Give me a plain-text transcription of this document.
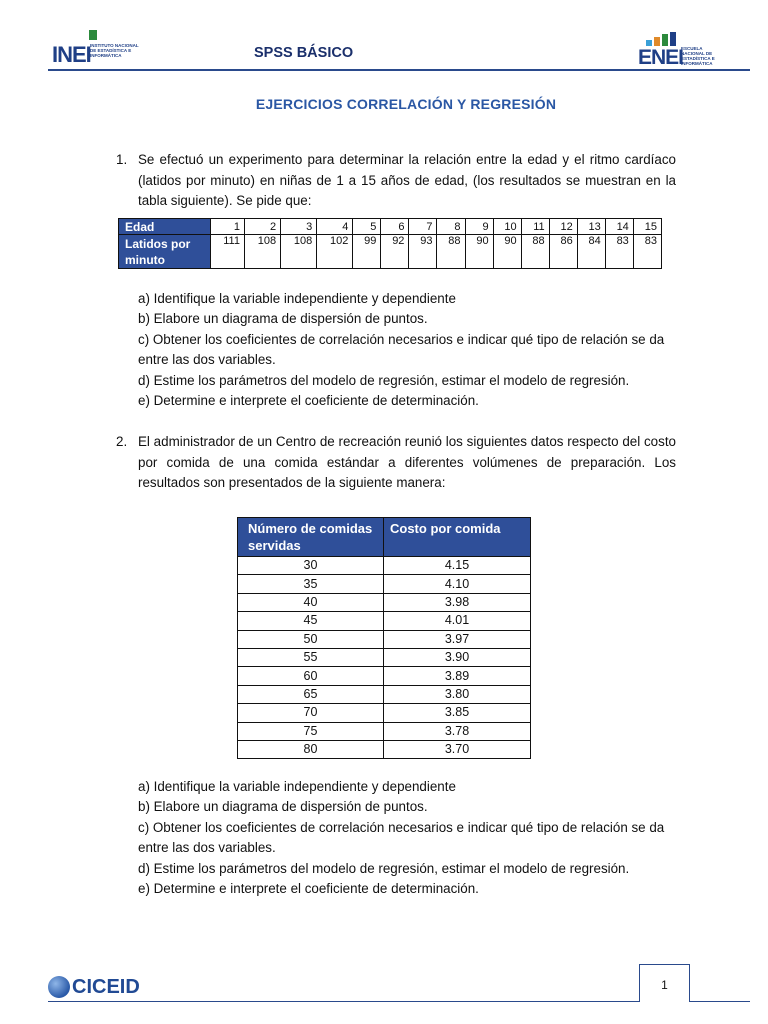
INEI INSTITUTO NACIONAL DE ESTADÍSTICA E INFORMÁTICA	SPSS BÁSICO	ENEI
ESCUELA NACIONAL DE ESTADÍSTICA E INFORMÁTICA
EJERCICIOS CORRELACIÓN Y REGRESIÓN
1. Se efectuó un experimento para determinar la relación entre la edad y el ritmo cardíaco (latidos por minuto) en niñas de 1 a 15 años de edad, (los resultados se muestran en la tabla siguiente). Se pide que:
Edad	1	2	3	4	5	6	7	8	9	10	11	12	13	14	15
Latidos por minuto	111	108	108	102	99	92	93	88	90	90	88	86	84	83	83
a) Identifique la variable independiente y dependiente
b) Elabore un diagrama de dispersión de puntos.
c) Obtener los coeficientes de correlación necesarios e indicar qué tipo de relación se da entre las dos variables.
d) Estime los parámetros del modelo de regresión, estimar el modelo de regresión.
e) Determine e interprete el coeficiente de determinación.
2. El administrador de un Centro de recreación reunió los siguientes datos respecto del costo por comida de una comida estándar a diferentes volúmenes de preparación. Los resultados son presentados de la siguiente manera:
Número de comidas servidas	Costo por comida
30	4.15
35	4.10
40	3.98
45	4.01
50	3.97
55	3.90
60	3.89
65	3.80
70	3.85
75	3.78
80	3.70
a) Identifique la variable independiente y dependiente
b) Elabore un diagrama de dispersión de puntos.
c) Obtener los coeficientes de correlación necesarios e indicar qué tipo de relación se da entre las dos variables.
d) Estime los parámetros del modelo de regresión, estimar el modelo de regresión.
e) Determine e interprete el coeficiente de determinación.
CICEID	1
